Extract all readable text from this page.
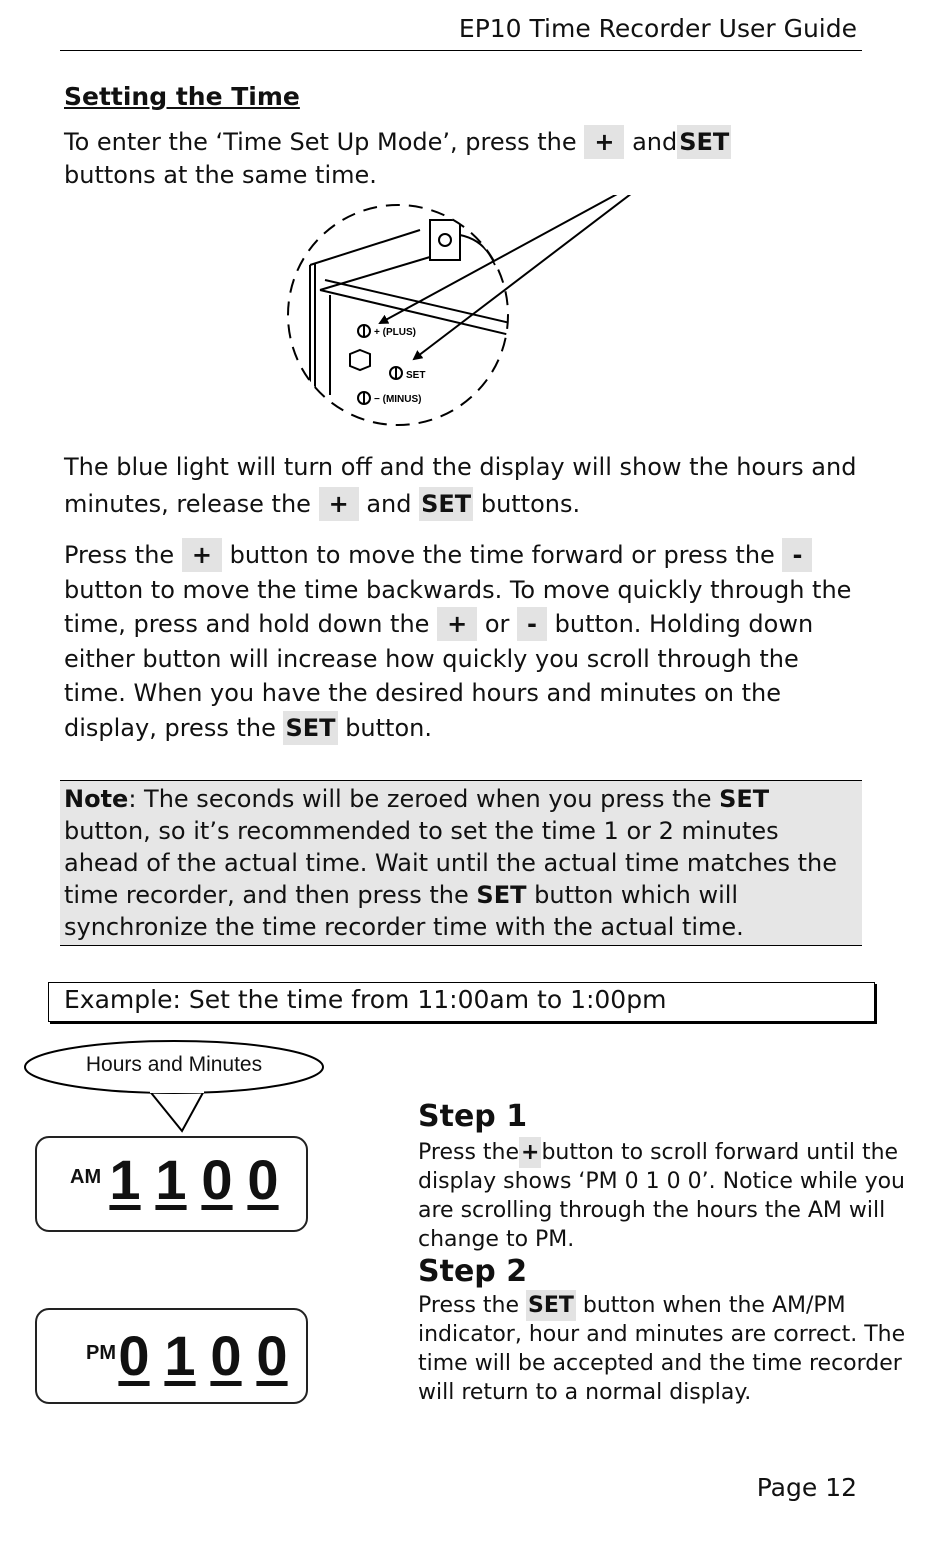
EP10 Time Recorder User Guide
Setting the Time

To enter the ‘Time Set Up Mode’, press the + andSET
buttons at the same time.

+ (PLUS)
SET
− (MINUS)

The blue light will turn off and the display will show the hours and minutes, release the + and SET buttons.

Press the + button to move the time forward or press the - button to move the time backwards. To move quickly through the time, press and hold down the + or - button. Holding down either button will increase how quickly you scroll through the time. When you have the desired hours and minutes on the display, press the SET button.

Note: The seconds will be zeroed when you press the SET button, so it’s recommended to set the time 1 or 2 minutes ahead of the actual time. Wait until the actual time matches the time recorder, and then press the SET button which will synchronize the time recorder time with the actual time.

Example: Set the time from 11:00am to 1:00pm
Hours and Minutes
AM 1 1 0 0
PM 0 1 0 0
Step 1

Press the+button to scroll forward until the display shows ‘PM 0 1 0 0’. Notice while you are scrolling through the hours the AM will change to PM.

Step 2

Press the SET button when the AM/PM indicator, hour and minutes are correct. The time will be accepted and the time recorder will return to a normal display.

Page 12
